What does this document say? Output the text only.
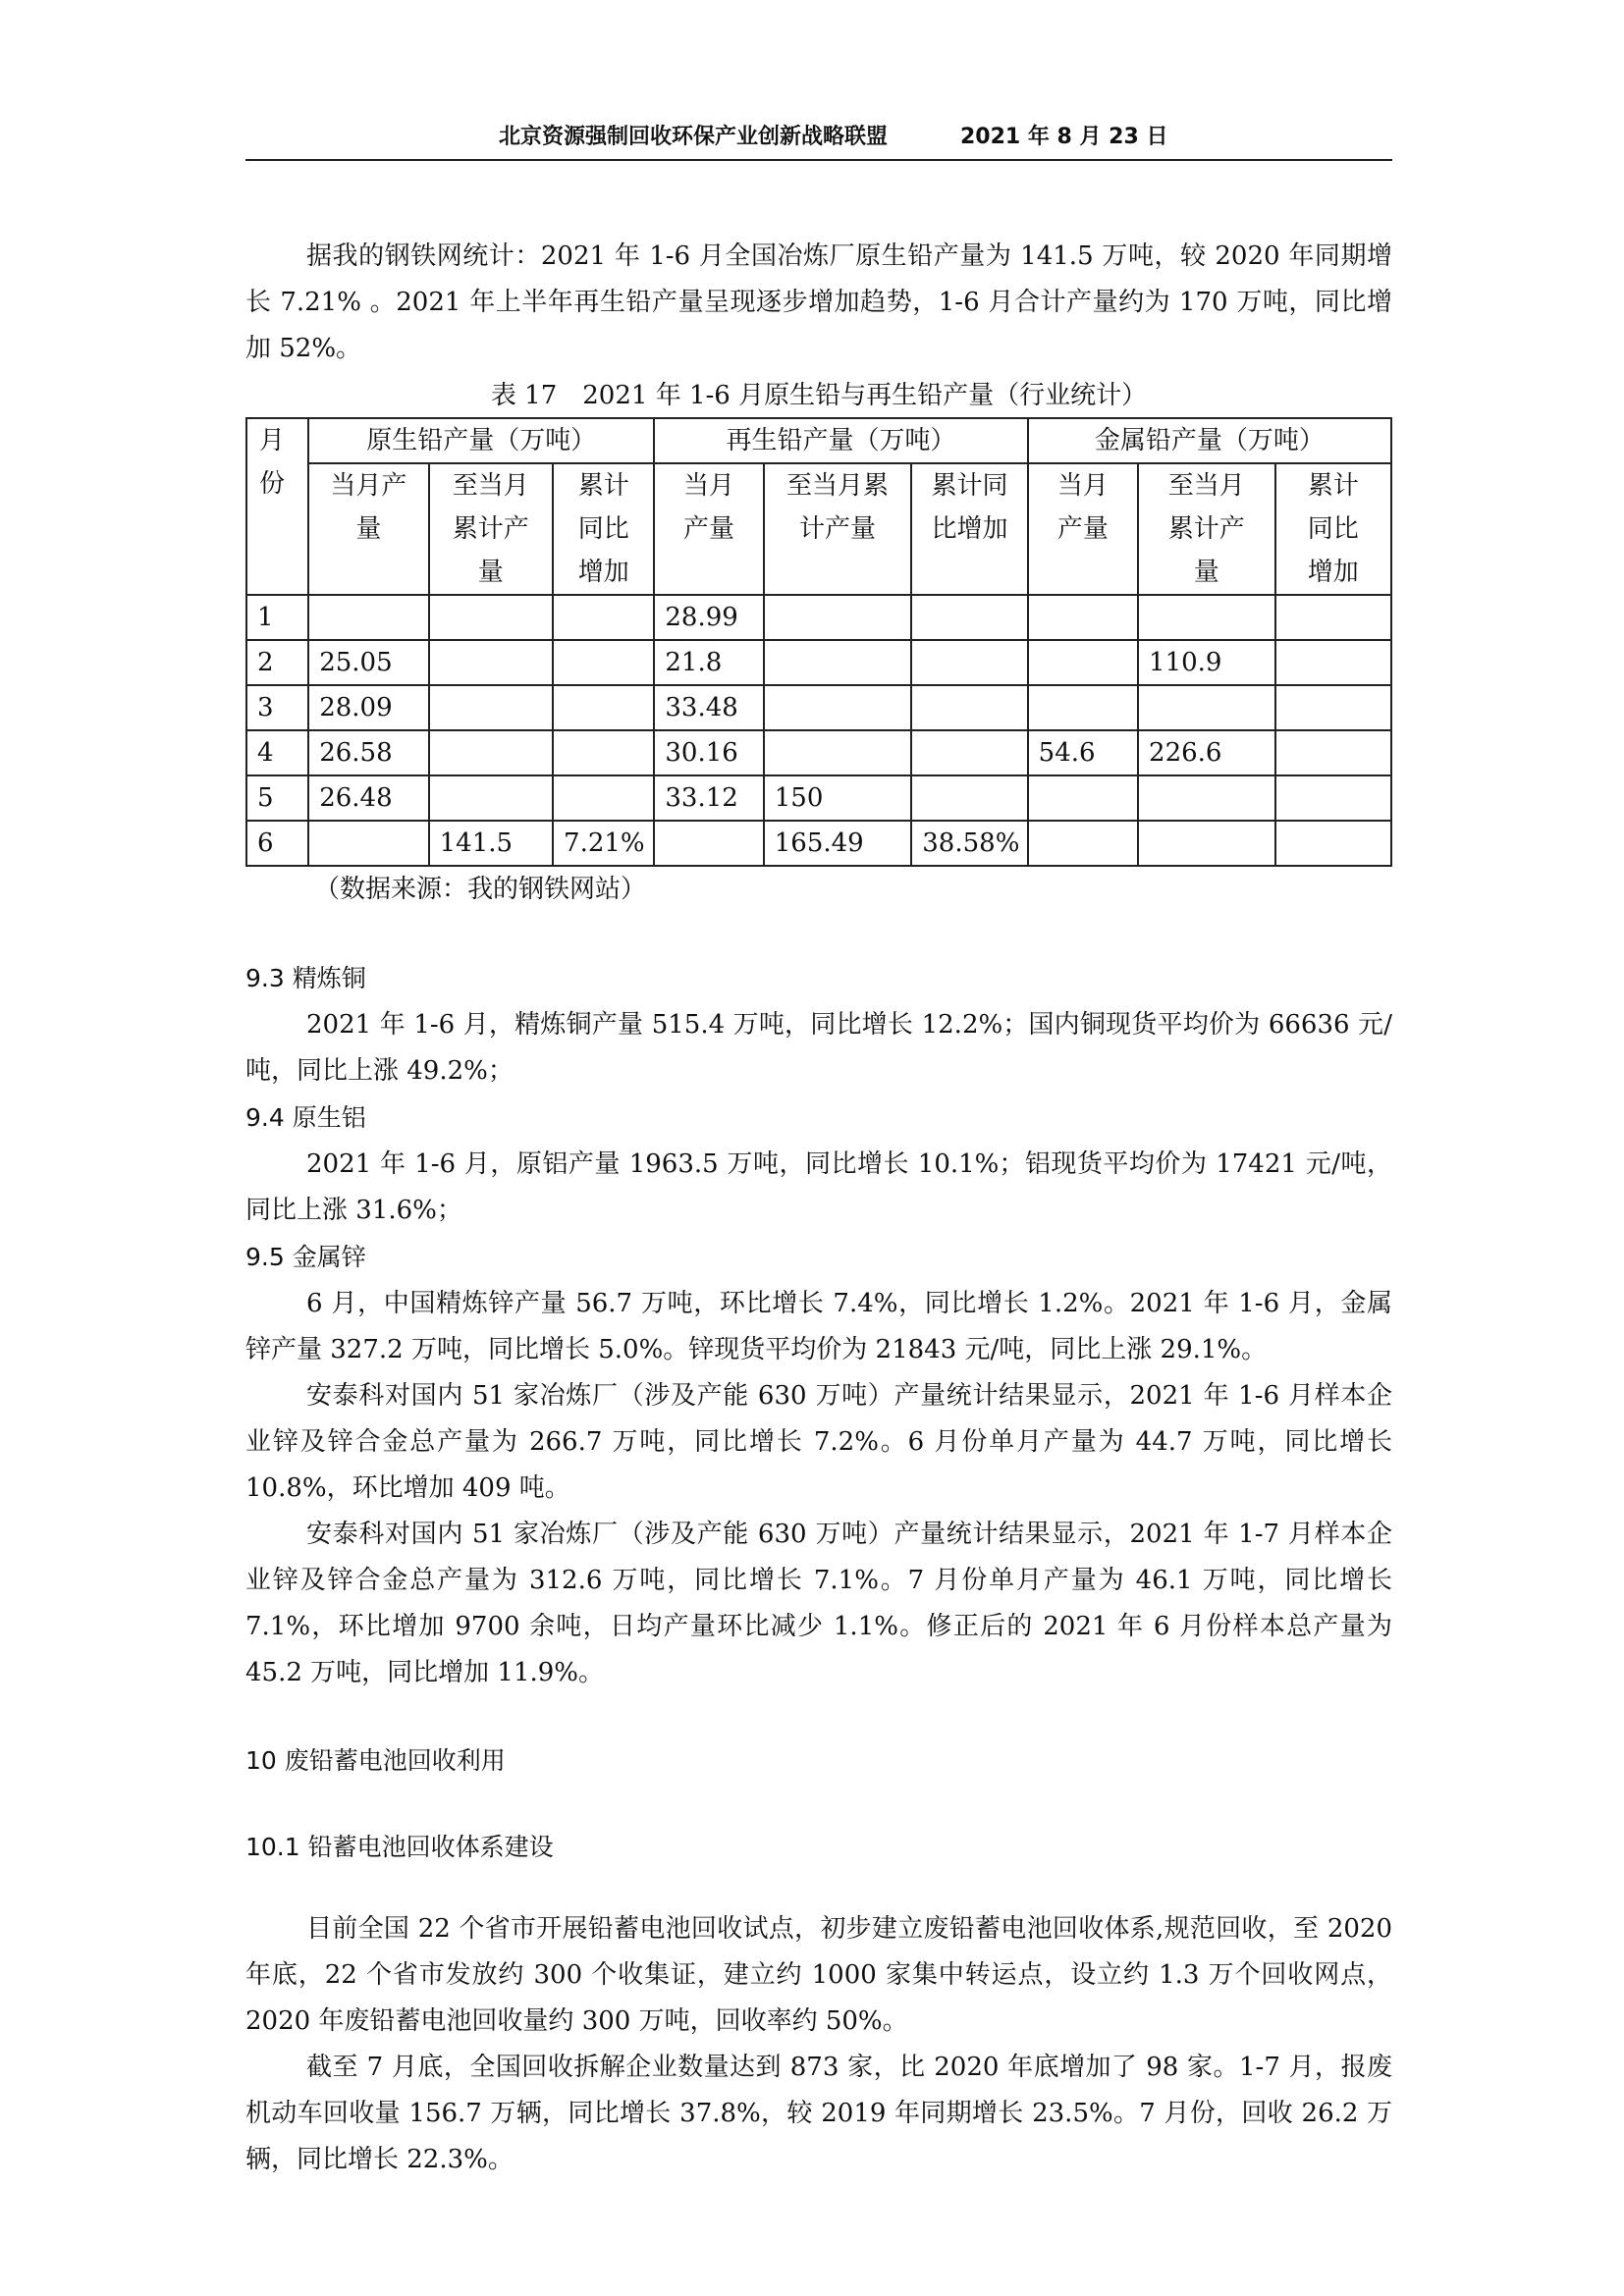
北京资源强制回收环保产业创新战略联盟	2021 年 8 月 23 日

据我的钢铁网统计：2021 年 1-6 月全国冶炼厂原生铅产量为 141.5 万吨，较 2020 年同期增长 7.21% 。2021 年上半年再生铅产量呈现逐步增加趋势，1-6 月合计产量约为 170 万吨，同比增加 52%。

表 17　2021 年 1-6 月原生铅与再生铅产量（行业统计）
月份	原生铅产量（万吨）			再生铅产量（万吨）			金属铅产量（万吨）		

	当月产量	至当月累计产量	累计同比增加	当月产量	至当月累计产量	累计同比增加	当月产量	至当月累计产量	累计同比增加

1				28.99					
2	25.05			21.8				110.9	
3	28.09			33.48					
4	26.58			30.16			54.6	226.6	
5	26.48			33.12	150				
6		141.5	7.21%		165.49	38.58%			
（数据来源：我的钢铁网站）
9.3 精炼铜

2021 年 1-6 月，精炼铜产量 515.4 万吨，同比增长 12.2%；国内铜现货平均价为 66636 元/吨，同比上涨 49.2%；

9.4 原生铝

2021 年 1-6 月，原铝产量 1963.5 万吨，同比增长 10.1%；铝现货平均价为 17421 元/吨，同比上涨 31.6%；

9.5 金属锌

6 月，中国精炼锌产量 56.7 万吨，环比增长 7.4%，同比增长 1.2%。2021 年 1-6 月，金属锌产量 327.2 万吨，同比增长 5.0%。锌现货平均价为 21843 元/吨，同比上涨 29.1%。

安泰科对国内 51 家冶炼厂（涉及产能 630 万吨）产量统计结果显示，2021 年 1-6 月样本企业锌及锌合金总产量为 266.7 万吨，同比增长 7.2%。6 月份单月产量为 44.7 万吨，同比增长 10.8%，环比增加 409 吨。

安泰科对国内 51 家冶炼厂（涉及产能 630 万吨）产量统计结果显示，2021 年 1-7 月样本企业锌及锌合金总产量为 312.6 万吨，同比增长 7.1%。7 月份单月产量为 46.1 万吨，同比增长 7.1%，环比增加 9700 余吨，日均产量环比减少 1.1%。修正后的 2021 年 6 月份样本总产量为 45.2 万吨，同比增加 11.9%。

10 废铅蓄电池回收利用
10.1 铅蓄电池回收体系建设

目前全国 22 个省市开展铅蓄电池回收试点，初步建立废铅蓄电池回收体系,规范回收，至 2020 年底，22 个省市发放约 300 个收集证，建立约 1000 家集中转运点，设立约 1.3 万个回收网点，2020 年废铅蓄电池回收量约 300 万吨，回收率约 50%。

截至 7 月底，全国回收拆解企业数量达到 873 家，比 2020 年底增加了 98 家。1-7 月，报废机动车回收量 156.7 万辆，同比增长 37.8%，较 2019 年同期增长 23.5%。7 月份，回收 26.2 万辆，同比增长 22.3%。
